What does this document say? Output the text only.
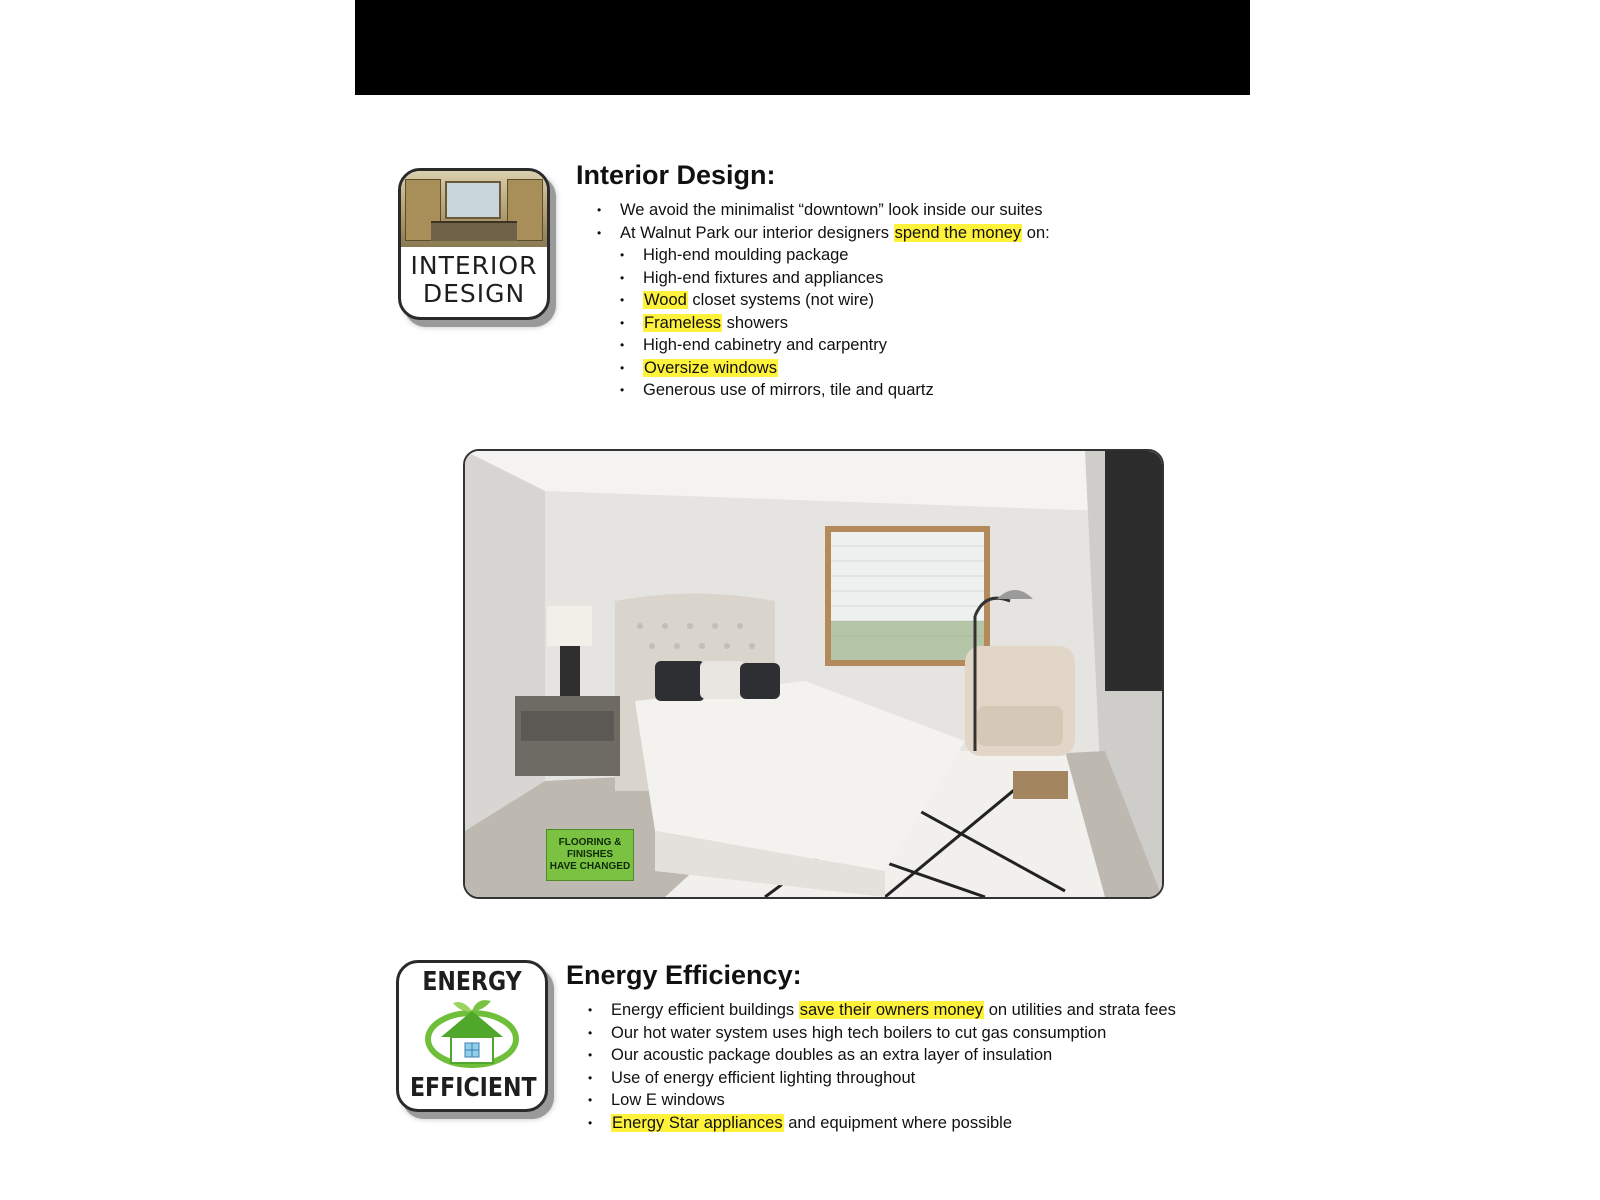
INTERIOR
DESIGN
Interior Design:
• We avoid the minimalist “downtown” look inside our suites
• At Walnut Park our interior designers spend the money on:
• High-end moulding package
• High-end fixtures and appliances
• Wood closet systems (not wire)
• Frameless showers
• High-end cabinetry and carpentry
• Oversize windows
• Generous use of mirrors, tile and quartz
FLOORING &
FINISHES
HAVE CHANGED
ENERGY
EFFICIENT
Energy Efficiency:
• Energy efficient buildings save their owners money on utilities and strata fees
• Our hot water system uses high tech boilers to cut gas consumption
• Our acoustic package doubles as an extra layer of insulation
• Use of energy efficient lighting throughout
• Low E windows
• Energy Star appliances and equipment where possible
